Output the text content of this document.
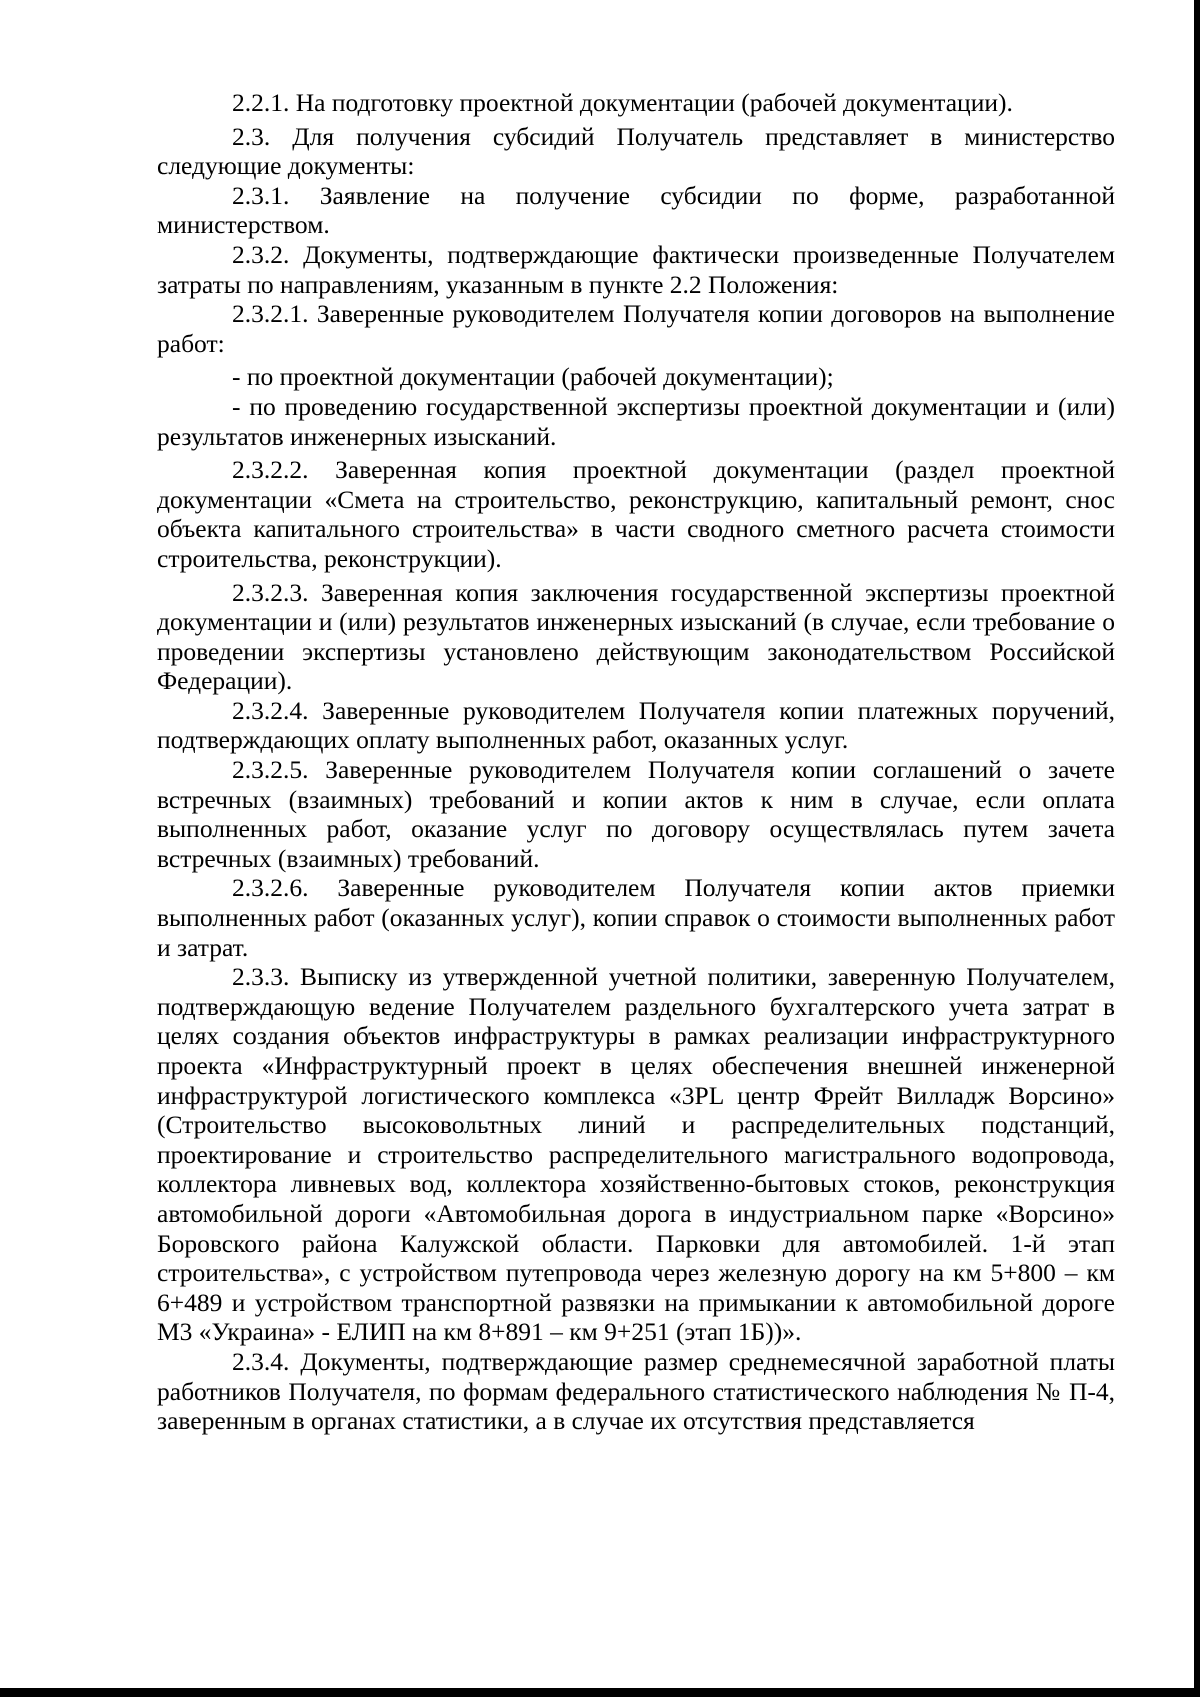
2.2.1. На подготовку проектной документации (рабочей документации).

2.3. Для получения субсидий Получатель представляет в министерство следующие документы:

2.3.1. Заявление на получение субсидии по форме, разработанной министерством.

2.3.2. Документы, подтверждающие фактически произведенные Получателем затраты по направлениям, указанным в пункте 2.2 Положения:

2.3.2.1. Заверенные руководителем Получателя копии договоров на выполнение работ:

- по проектной документации (рабочей документации);

- по проведению государственной экспертизы проектной документации и (или) результатов инженерных изысканий.

2.3.2.2. Заверенная копия проектной документации (раздел проектной документации «Смета на строительство, реконструкцию, капитальный ремонт, снос объекта капитального строительства» в части сводного сметного расчета стоимости строительства, реконструкции).

2.3.2.3. Заверенная копия заключения государственной экспертизы проектной документации и (или) результатов инженерных изысканий (в случае, если требование о проведении экспертизы установлено действующим законодательством Российской Федерации).

2.3.2.4. Заверенные руководителем Получателя копии платежных поручений, подтверждающих оплату выполненных работ, оказанных услуг.

2.3.2.5. Заверенные руководителем Получателя копии соглашений о зачете встречных (взаимных) требований и копии актов к ним в случае, если оплата выполненных работ, оказание услуг по договору осуществлялась путем зачета встречных (взаимных) требований.

2.3.2.6. Заверенные руководителем Получателя копии актов приемки выполненных работ (оказанных услуг), копии справок о стоимости выполненных работ и затрат.

2.3.3. Выписку из утвержденной учетной политики, заверенную Получателем, подтверждающую ведение Получателем раздельного бухгалтерского учета затрат в целях создания объектов инфраструктуры в рамках реализации инфраструктурного проекта «Инфраструктурный проект в целях обеспечения внешней инженерной инфраструктурой логистического комплекса «3PL центр Фрейт Вилладж Ворсино» (Строительство высоковольтных линий и распределительных подстанций, проектирование и строительство распределительного магистрального водопровода, коллектора ливневых вод, коллектора хозяйственно-бытовых стоков, реконструкция автомобильной дороги «Автомобильная дорога в индустриальном парке «Ворсино» Боровского района Калужской области. Парковки для автомобилей. 1-й этап строительства», с устройством путепровода через железную дорогу на км 5+800 – км 6+489 и устройством транспортной развязки на примыкании к автомобильной дороге М3 «Украина» - ЕЛИП на км 8+891 – км 9+251 (этап 1Б))».

2.3.4. Документы, подтверждающие размер среднемесячной заработной платы работников Получателя, по формам федерального статистического наблюдения № П-4, заверенным в органах статистики, а в случае их отсутствия представляется
